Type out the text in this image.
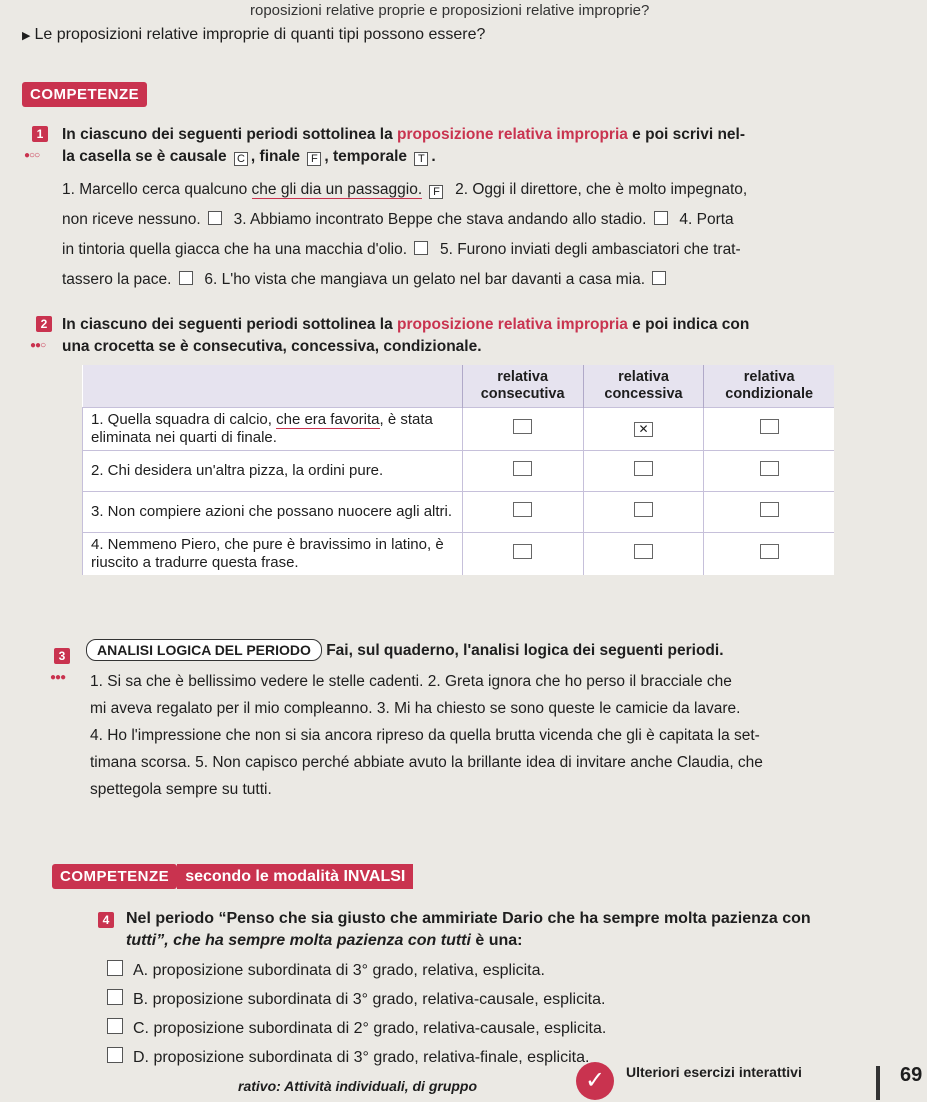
roposizioni relative proprie e proposizioni relative improprie?
▶ Le proposizioni relative improprie di quanti tipi possono essere?
COMPETENZE
1
●○○
In ciascuno dei seguenti periodi sottolinea la proposizione relativa impropria e poi scrivi nel-
la casella se è causale C , finale F , temporale T .
1. Marcello cerca qualcuno che gli dia un passaggio. F 2. Oggi il direttore, che è molto impegnato,
non riceve nessuno. 3. Abbiamo incontrato Beppe che stava andando allo stadio. 4. Porta
in tintoria quella giacca che ha una macchia d'olio. 5. Furono inviati degli ambasciatori che trat-
tassero la pace. 6. L'ho vista che mangiava un gelato nel bar davanti a casa mia.
2
●●○
In ciascuno dei seguenti periodi sottolinea la proposizione relativa impropria e poi indica con
una crocetta se è consecutiva, concessiva, condizionale.
	relativa consecutiva	relativa concessiva	relativa condizionale
1. Quella squadra di calcio, che era favorita, è stata eliminata nei quarti di finale.		✕	
2. Chi desidera un'altra pizza, la ordini pure.			
3. Non compiere azioni che possano nuocere agli altri.			
4. Nemmeno Piero, che pure è bravissimo in latino, è riuscito a tradurre questa frase.			
3
●●●
ANALISI LOGICA DEL PERIODO Fai, sul quaderno, l'analisi logica dei seguenti periodi.
1. Si sa che è bellissimo vedere le stelle cadenti. 2. Greta ignora che ho perso il bracciale che
mi aveva regalato per il mio compleanno. 3. Mi ha chiesto se sono queste le camicie da lavare.
4. Ho l'impressione che non si sia ancora ripreso da quella brutta vicenda che gli è capitata la set-
timana scorsa. 5. Non capisco perché abbiate avuto la brillante idea di invitare anche Claudia, che
spettegola sempre su tutti.
COMPETENZE secondo le modalità INVALSI
4 Nel periodo “Penso che sia giusto che ammiriate Dario che ha sempre molta pazienza con
tutti”, che ha sempre molta pazienza con tutti è una:
A. proposizione subordinata di 3° grado, relativa, esplicita.
B. proposizione subordinata di 3° grado, relativa-causale, esplicita.
C. proposizione subordinata di 2° grado, relativa-causale, esplicita.
D. proposizione subordinata di 3° grado, relativa-finale, esplicita.
rativo: Attività individuali, di gruppo	✓	Ulteriori esercizi interattivi	69
